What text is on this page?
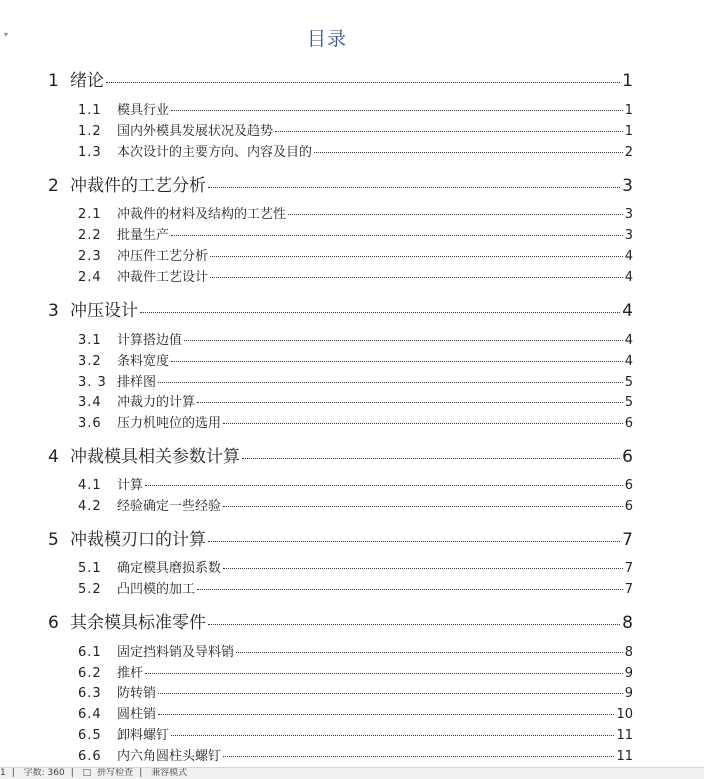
▾	目录
1 绪论	1
1.1	模具行业	1
1.2	国内外模具发展状况及趋势	1
1.3	本次设计的主要方向、内容及目的	2
2 冲裁件的工艺分析	3
2.1	冲裁件的材料及结构的工艺性	3
2.2	批量生产	3
2.3	冲压件工艺分析	4
2.4	冲裁件工艺设计	4
3 冲压设计	4
3.1	计算搭边值	4
3.2	条料宽度	4
3. 3 排样图	5
3.4	冲裁力的计算	5
3.6	压力机吨位的选用	6
4 冲裁模具相关参数计算	6
4.1	计算	6
4.2	经验确定一些经验	6
5 冲裁模刃口的计算	7
5.1	确定模具磨损系数	7
5.2	凸凹模的加工	7
6 其余模具标准零件	8
6.1	固定挡料销及导料销	8
6.2	推杆	9
6.3	防转销	9
6.4	圆柱销	10
6.5	卸料螺钉	11
6.6	内六角圆柱头螺钉	11
1 | 字数: 360 | □ 拼写检查 | 兼容模式
